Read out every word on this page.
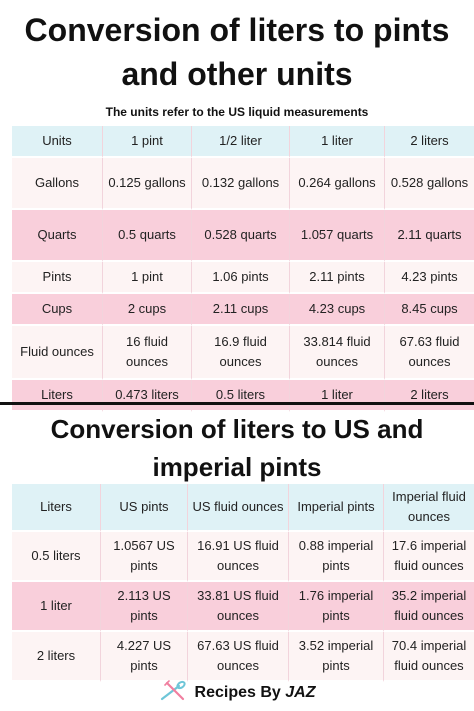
Conversion of liters to pints and other units
The units refer to the US liquid measurements
Units	1 pint	1/2 liter	1 liter	2 liters
Gallons	0.125 gallons	0.132 gallons	0.264 gallons	0.528 gallons
Quarts	0.5 quarts	0.528 quarts	1.057 quarts	2.11 quarts
Pints	1 pint	1.06 pints	2.11 pints	4.23 pints
Cups	2 cups	2.11 cups	4.23 cups	8.45 cups
Fluid ounces	16 fluid ounces	16.9 fluid ounces	33.814 fluid ounces	67.63 fluid ounces
Liters	0.473 liters	0.5 liters	1 liter	2 liters
Conversion of liters to US and imperial pints
Liters	US pints	US fluid ounces	Imperial pints	Imperial fluid ounces
0.5 liters	1.0567 US pints	16.91 US fluid ounces	0.88 imperial pints	17.6 imperial fluid ounces
1 liter	2.113 US pints	33.81 US fluid ounces	1.76 imperial pints	35.2 imperial fluid ounces
2 liters	4.227 US pints	67.63 US fluid ounces	3.52 imperial pints	70.4 imperial fluid ounces
Recipes By JAZ
